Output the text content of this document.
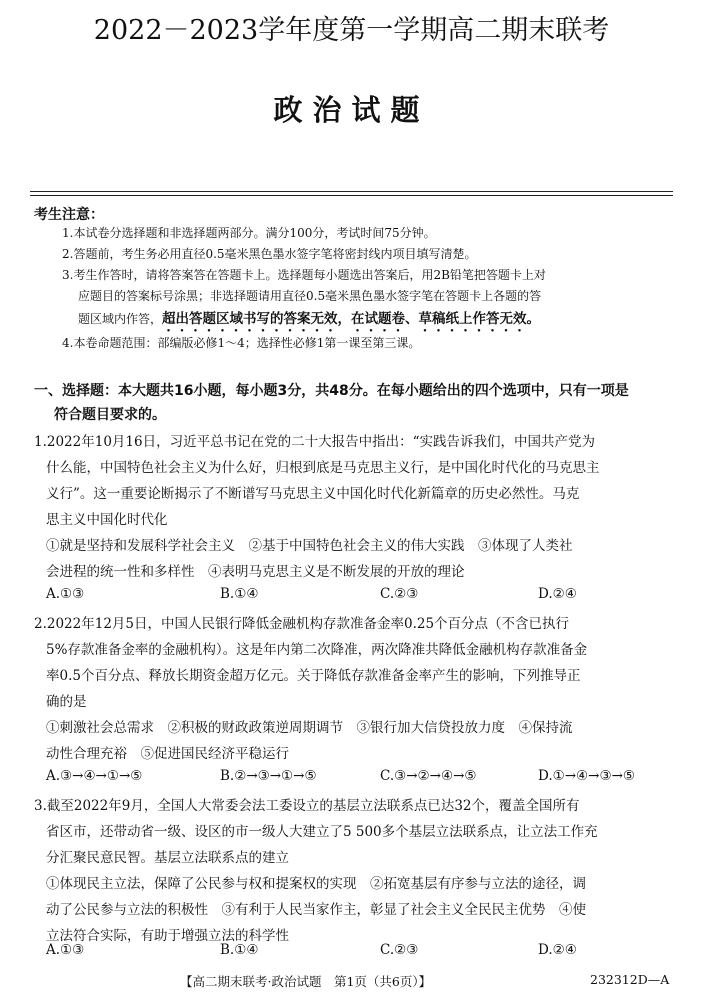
2022－2023学年度第一学期高二期末联考
政治试题
考生注意：
1.本试卷分选择题和非选择题两部分。满分100分，考试时间75分钟。
2.答题前，考生务必用直径0.5毫米黑色墨水签字笔将密封线内项目填写清楚。
3.考生作答时，请将答案答在答题卡上。选择题每小题选出答案后，用2B铅笔把答题卡上对
应题目的答案标号涂黑；非选择题请用直径0.5毫米黑色墨水签字笔在答题卡上各题的答
题区域内作答，超出答题区域书写的答案无效，在试题卷、草稿纸上作答无效。
4.本卷命题范围：部编版必修1～4；选择性必修1第一课至第三课。
一、选择题：本大题共16小题，每小题3分，共48分。在每小题给出的四个选项中，只有一项是
符合题目要求的。
1.2022年10月16日，习近平总书记在党的二十大报告中指出：“实践告诉我们，中国共产党为
什么能，中国特色社会主义为什么好，归根到底是马克思主义行，是中国化时代化的马克思主
义行”。这一重要论断揭示了不断谱写马克思主义中国化时代化新篇章的历史必然性。马克
思主义中国化时代化
①就是坚持和发展科学社会主义　②基于中国特色社会主义的伟大实践　③体现了人类社
会进程的统一性和多样性　④表明马克思主义是不断发展的开放的理论
A.①③	B.①④	C.②③	D.②④
2.2022年12月5日，中国人民银行降低金融机构存款准备金率0.25个百分点（不含已执行
5%存款准备金率的金融机构）。这是年内第二次降准，两次降准共降低金融机构存款准备金
率0.5个百分点、释放长期资金超万亿元。关于降低存款准备金率产生的影响，下列推导正
确的是
①刺激社会总需求　②积极的财政政策逆周期调节　③银行加大信贷投放力度　④保持流
动性合理充裕　⑤促进国民经济平稳运行
A.③→④→①→⑤	B.②→③→①→⑤	C.③→②→④→⑤	D.①→④→③→⑤
3.截至2022年9月，全国人大常委会法工委设立的基层立法联系点已达32个，覆盖全国所有
省区市，还带动省一级、设区的市一级人大建立了5 500多个基层立法联系点，让立法工作充
分汇聚民意民智。基层立法联系点的建立
①体现民主立法，保障了公民参与权和提案权的实现　②拓宽基层有序参与立法的途径，调
动了公民参与立法的积极性　③有利于人民当家作主，彰显了社会主义全民民主优势　④使
立法符合实际，有助于增强立法的科学性
A.①③	B.①④	C.②③	D.②④
【高二期末联考·政治试题　第1页（共6页）】	232312D—A
